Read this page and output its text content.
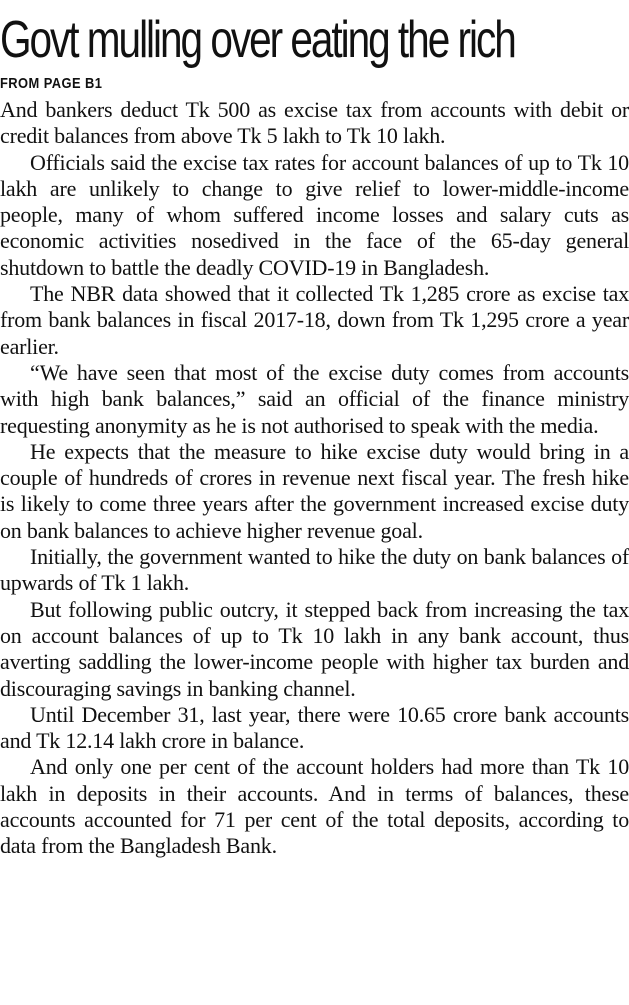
Govt mulling over eating the rich
FROM PAGE B1

And bankers deduct Tk 500 as excise tax from accounts with debit or credit balances from above Tk 5 lakh to Tk 10 lakh.

Officials said the excise tax rates for account balances of up to Tk 10 lakh are unlikely to change to give relief to lower-middle-income people, many of whom suffered income losses and salary cuts as economic activities nosedived in the face of the 65-day general shutdown to battle the deadly COVID-19 in Bangladesh.

The NBR data showed that it collected Tk 1,285 crore as excise tax from bank balances in fiscal 2017-18, down from Tk 1,295 crore a year earlier.

“We have seen that most of the excise duty comes from accounts with high bank balances,” said an official of the finance ministry requesting anonymity as he is not authorised to speak with the media.

He expects that the measure to hike excise duty would bring in a couple of hundreds of crores in revenue next fiscal year. The fresh hike is likely to come three years after the government increased excise duty on bank balances to achieve higher revenue goal.

Initially, the government wanted to hike the duty on bank balances of upwards of Tk 1 lakh.

But following public outcry, it stepped back from increasing the tax on account balances of up to Tk 10 lakh in any bank account, thus averting saddling the lower-income people with higher tax burden and discouraging savings in banking channel.

Until December 31, last year, there were 10.65 crore bank accounts and Tk 12.14 lakh crore in balance.

And only one per cent of the account holders had more than Tk 10 lakh in deposits in their accounts. And in terms of balances, these accounts accounted for 71 per cent of the total deposits, according to data from the Bangladesh Bank.
